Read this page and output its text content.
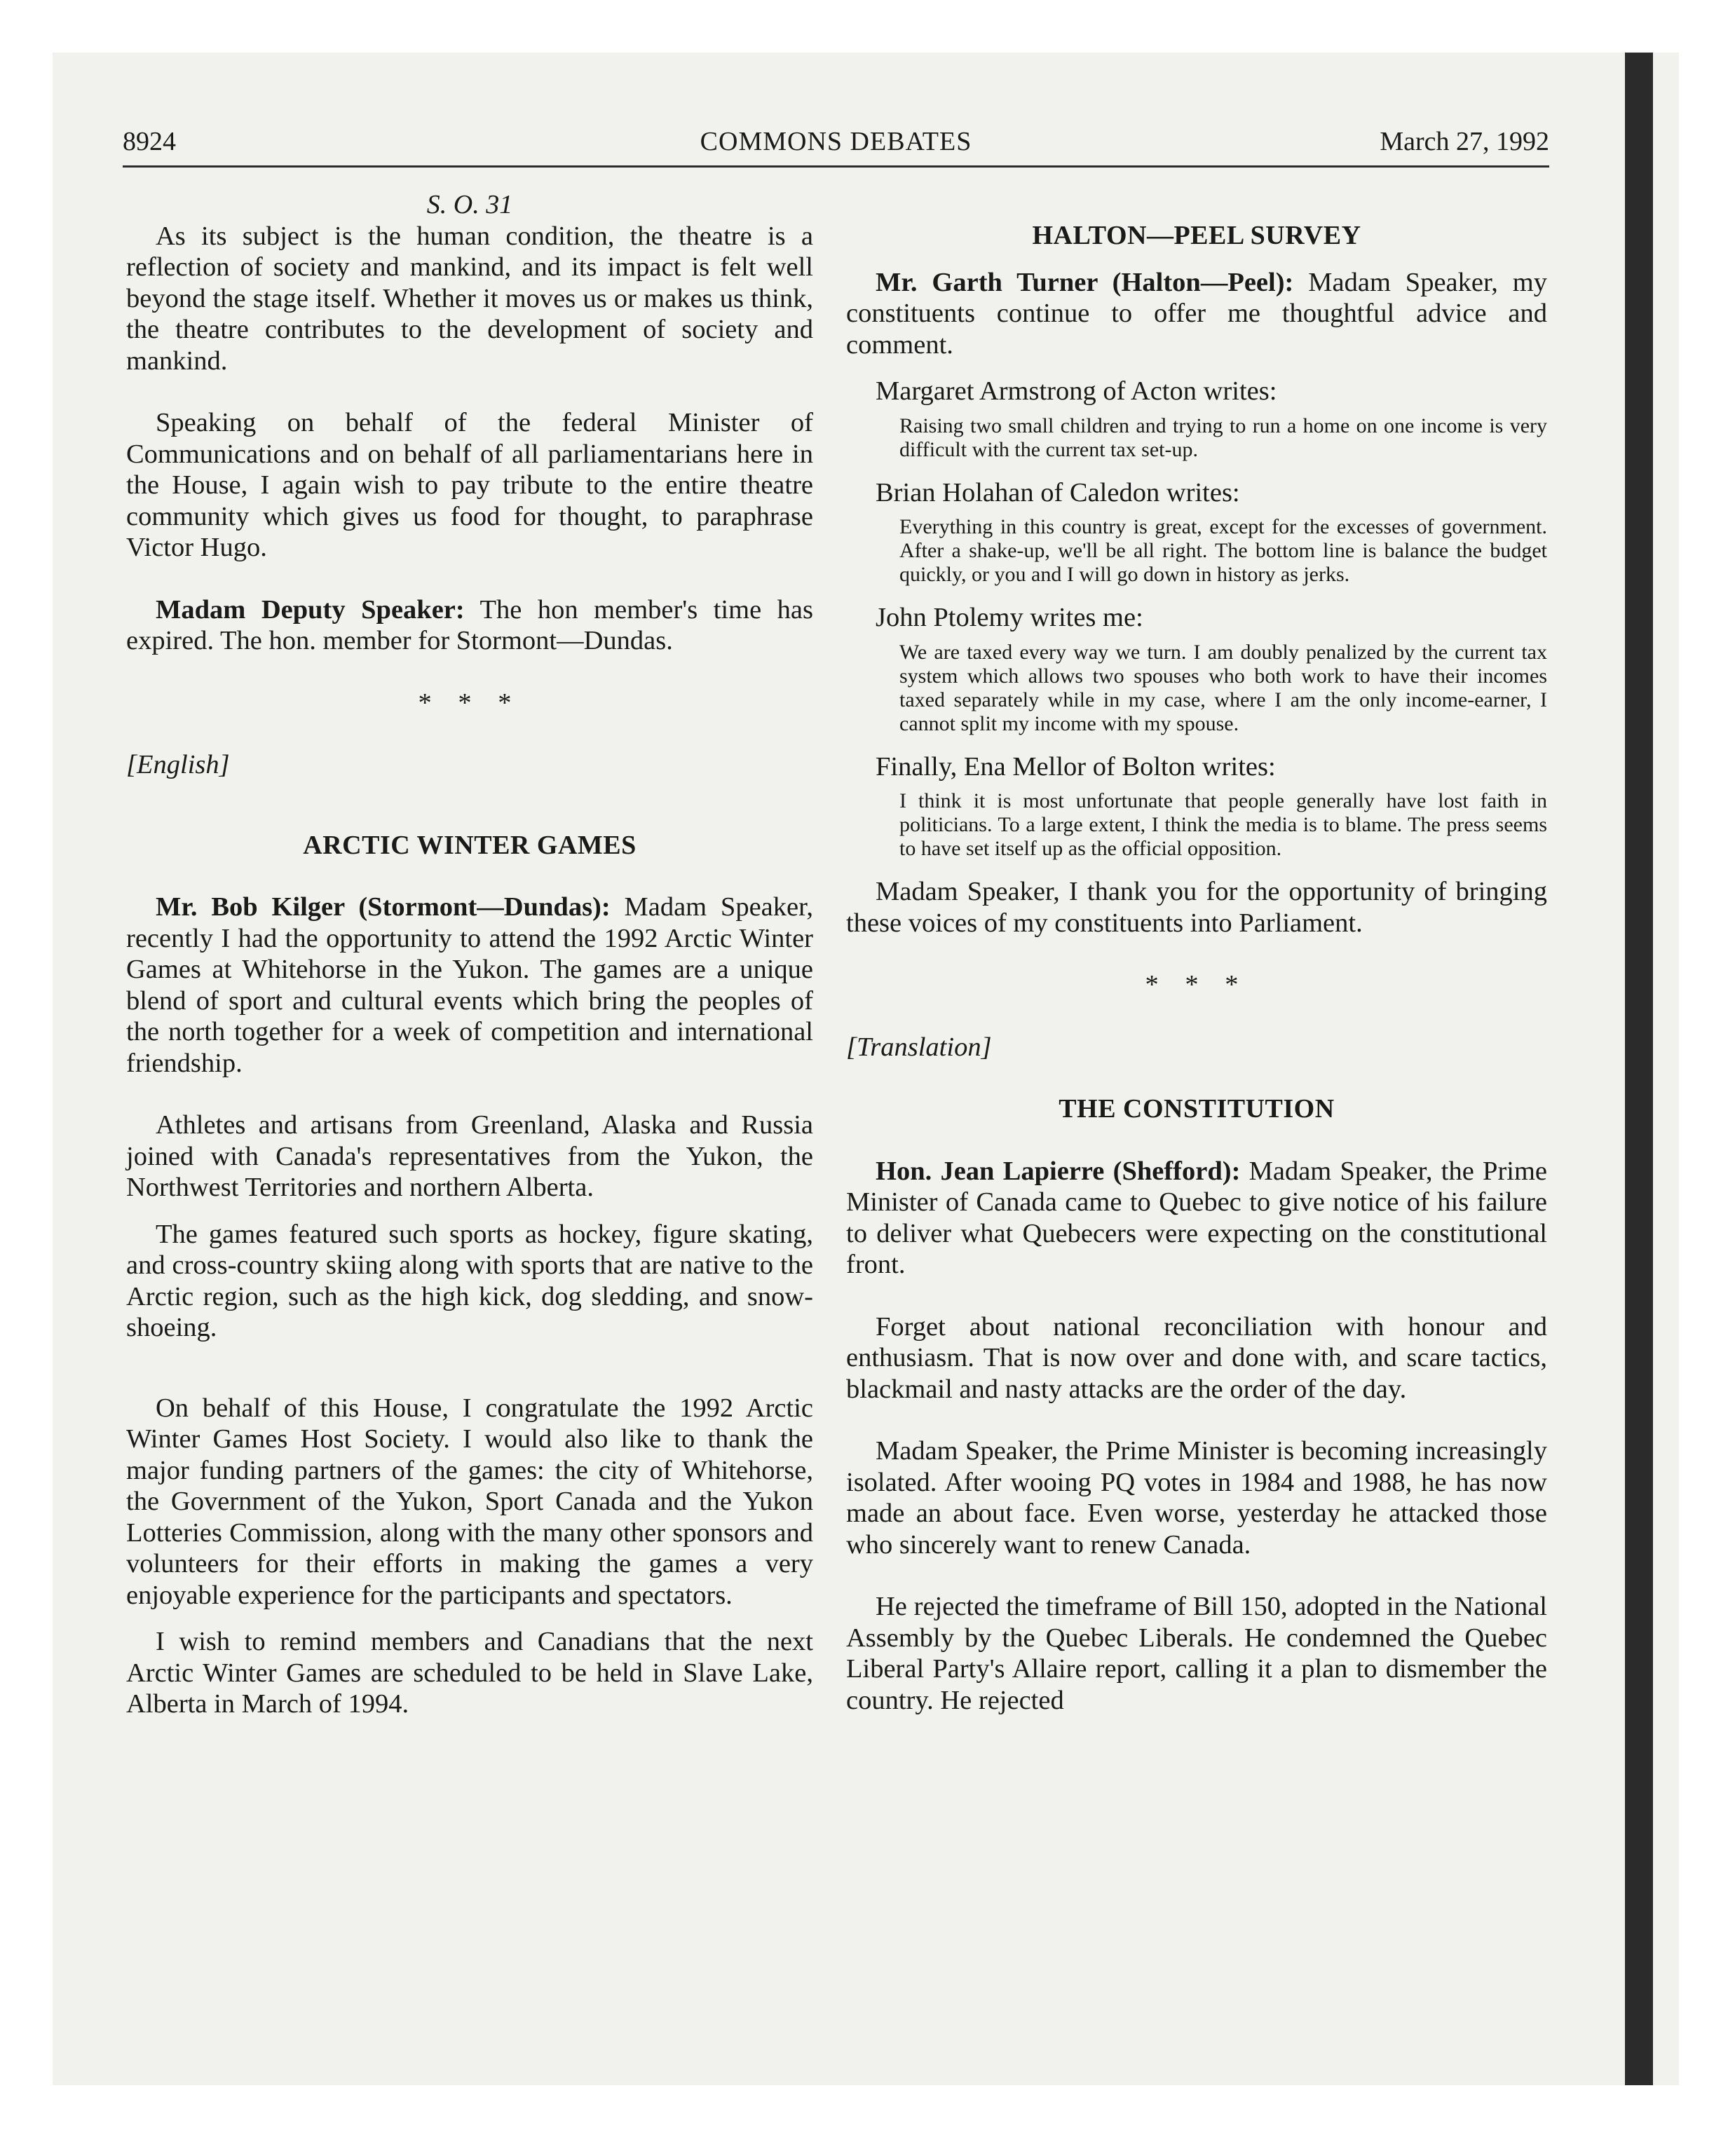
8924	COMMONS DEBATES	March 27, 1992

S. O. 31

As its subject is the human condition, the theatre is a reflection of society and mankind, and its impact is felt well beyond the stage itself. Whether it moves us or makes us think, the theatre contributes to the development of society and mankind.

Speaking on behalf of the federal Minister of Communications and on behalf of all parliamentarians here in the House, I again wish to pay tribute to the entire theatre community which gives us food for thought, to paraphrase Victor Hugo.

Madam Deputy Speaker: The hon member's time has expired. The hon. member for Stormont—Dundas.

* * *

[English]

ARCTIC WINTER GAMES

Mr. Bob Kilger (Stormont—Dundas): Madam Speaker, recently I had the opportunity to attend the 1992 Arctic Winter Games at Whitehorse in the Yukon. The games are a unique blend of sport and cultural events which bring the peoples of the north together for a week of competition and international friendship.

Athletes and artisans from Greenland, Alaska and Russia joined with Canada's representatives from the Yukon, the Northwest Territories and northern Alberta.

The games featured such sports as hockey, figure skating, and cross-country skiing along with sports that are native to the Arctic region, such as the high kick, dog sledding, and snow-shoeing.

On behalf of this House, I congratulate the 1992 Arctic Winter Games Host Society. I would also like to thank the major funding partners of the games: the city of Whitehorse, the Government of the Yukon, Sport Canada and the Yukon Lotteries Commission, along with the many other sponsors and volunteers for their efforts in making the games a very enjoyable experience for the participants and spectators.

I wish to remind members and Canadians that the next Arctic Winter Games are scheduled to be held in Slave Lake, Alberta in March of 1994.

HALTON—PEEL SURVEY

Mr. Garth Turner (Halton—Peel): Madam Speaker, my constituents continue to offer me thoughtful advice and comment.

Margaret Armstrong of Acton writes:

Raising two small children and trying to run a home on one income is very difficult with the current tax set-up.

Brian Holahan of Caledon writes:

Everything in this country is great, except for the excesses of government. After a shake-up, we'll be all right. The bottom line is balance the budget quickly, or you and I will go down in history as jerks.

John Ptolemy writes me:

We are taxed every way we turn. I am doubly penalized by the current tax system which allows two spouses who both work to have their incomes taxed separately while in my case, where I am the only income-earner, I cannot split my income with my spouse.

Finally, Ena Mellor of Bolton writes:

I think it is most unfortunate that people generally have lost faith in politicians. To a large extent, I think the media is to blame. The press seems to have set itself up as the official opposition.

Madam Speaker, I thank you for the opportunity of bringing these voices of my constituents into Parliament.

* * *

[Translation]

THE CONSTITUTION

Hon. Jean Lapierre (Shefford): Madam Speaker, the Prime Minister of Canada came to Quebec to give notice of his failure to deliver what Quebecers were expecting on the constitutional front.

Forget about national reconciliation with honour and enthusiasm. That is now over and done with, and scare tactics, blackmail and nasty attacks are the order of the day.

Madam Speaker, the Prime Minister is becoming increasingly isolated. After wooing PQ votes in 1984 and 1988, he has now made an about face. Even worse, yesterday he attacked those who sincerely want to renew Canada.

He rejected the timeframe of Bill 150, adopted in the National Assembly by the Quebec Liberals. He condemned the Quebec Liberal Party's Allaire report, calling it a plan to dismember the country. He rejected
